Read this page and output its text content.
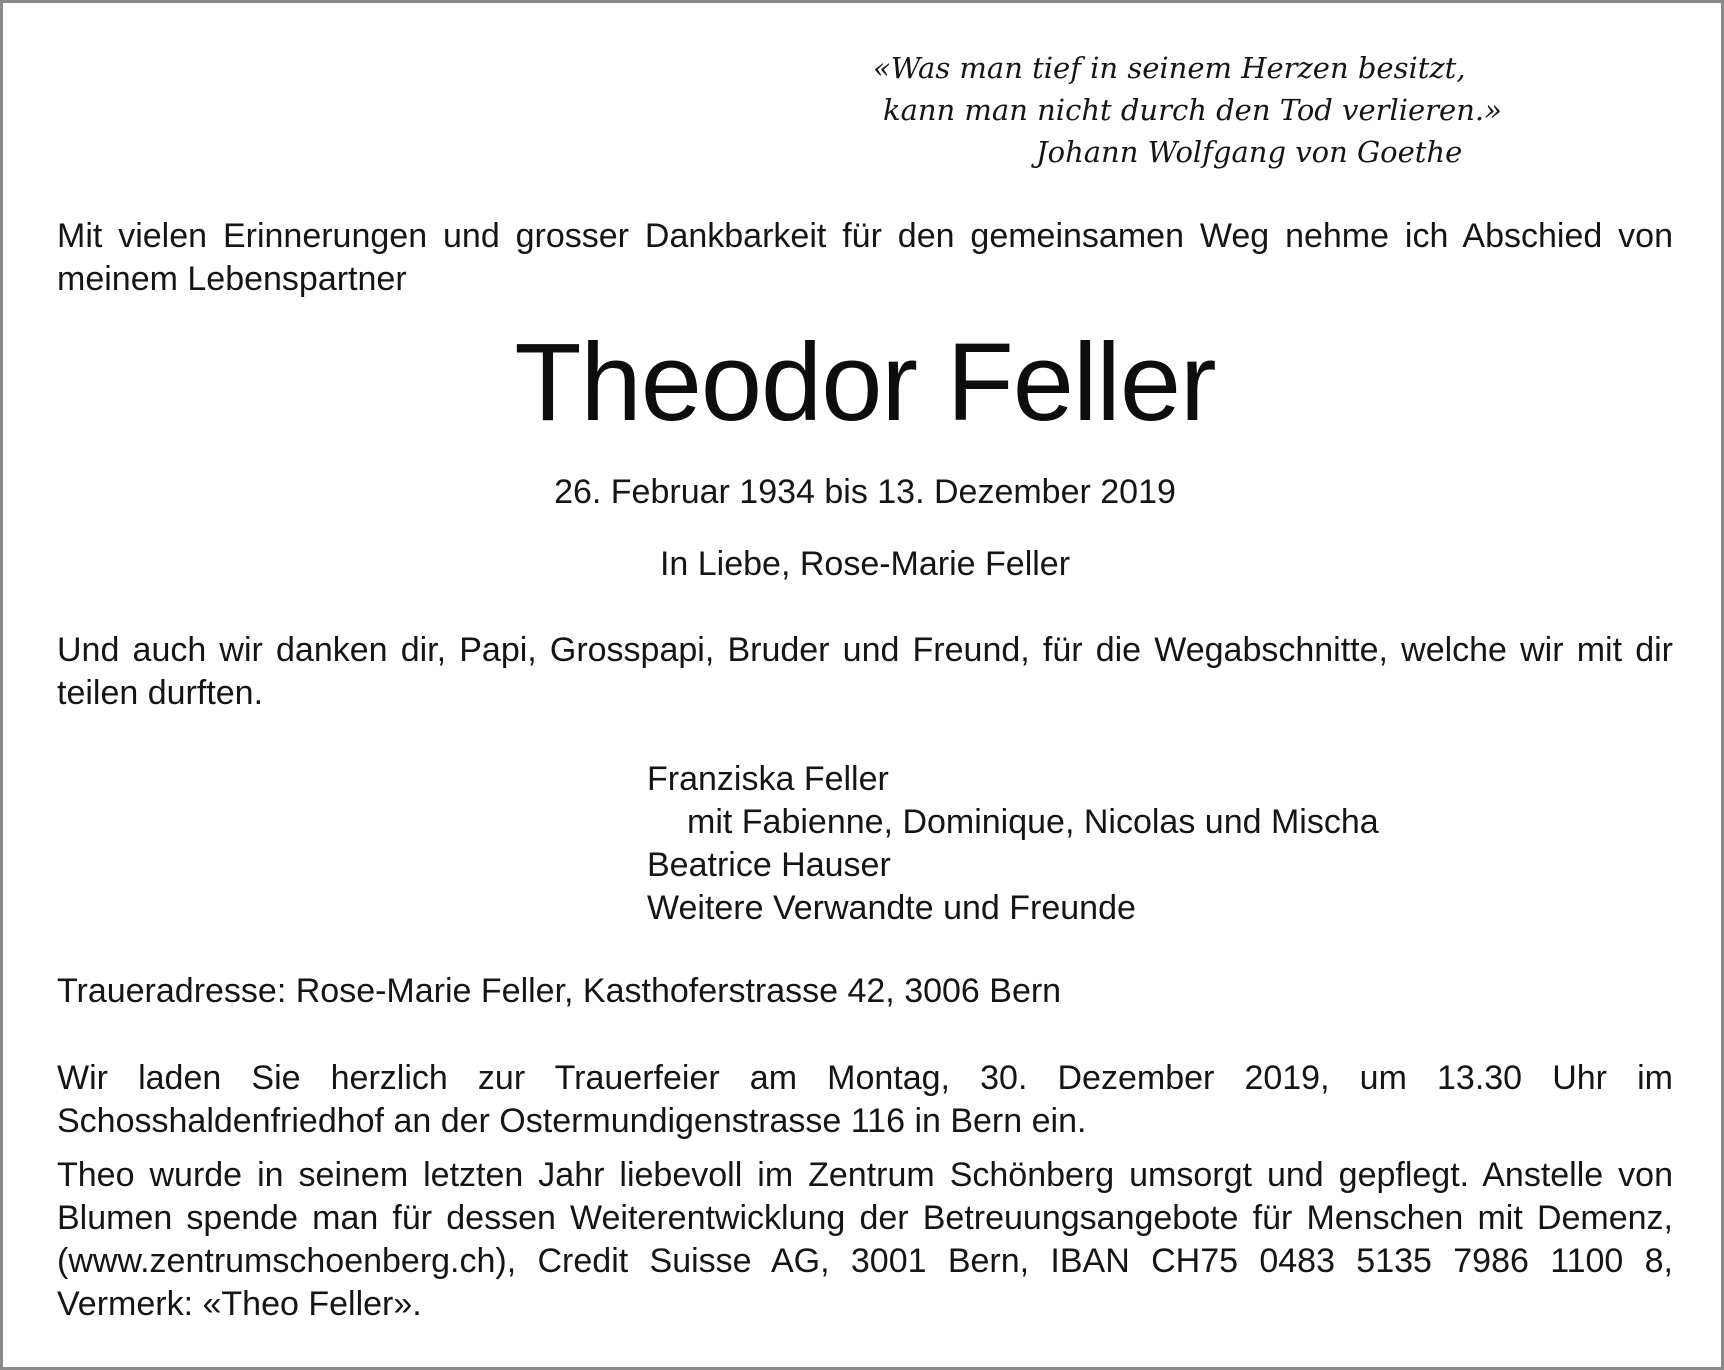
«Was man tief in seinem Herzen besitzt,
kann man nicht durch den Tod verlieren.»
Johann Wolfgang von Goethe
Mit vielen Erinnerungen und grosser Dankbarkeit für den gemeinsamen Weg nehme ich Abschied von meinem Lebenspartner
Theodor Feller
26. Februar 1934 bis 13. Dezember 2019
In Liebe, Rose-Marie Feller
Und auch wir danken dir, Papi, Grosspapi, Bruder und Freund, für die Wegabschnitte, welche wir mit dir teilen durften.
Franziska Feller
mit Fabienne, Dominique, Nicolas und Mischa
Beatrice Hauser
Weitere Verwandte und Freunde
Traueradresse: Rose-Marie Feller, Kasthoferstrasse 42, 3006 Bern
Wir laden Sie herzlich zur Trauerfeier am Montag, 30. Dezember 2019, um 13.30 Uhr im Schosshaldenfriedhof an der Ostermundigenstrasse 116 in Bern ein.
Theo wurde in seinem letzten Jahr liebevoll im Zentrum Schönberg umsorgt und gepflegt. Anstelle von Blumen spende man für dessen Weiterentwicklung der Betreuungsangebote für Menschen mit Demenz, (www.zentrumschoenberg.ch), Credit Suisse AG, 3001 Bern, IBAN CH75 0483 5135 7986 1100 8, Vermerk: «Theo Feller».
